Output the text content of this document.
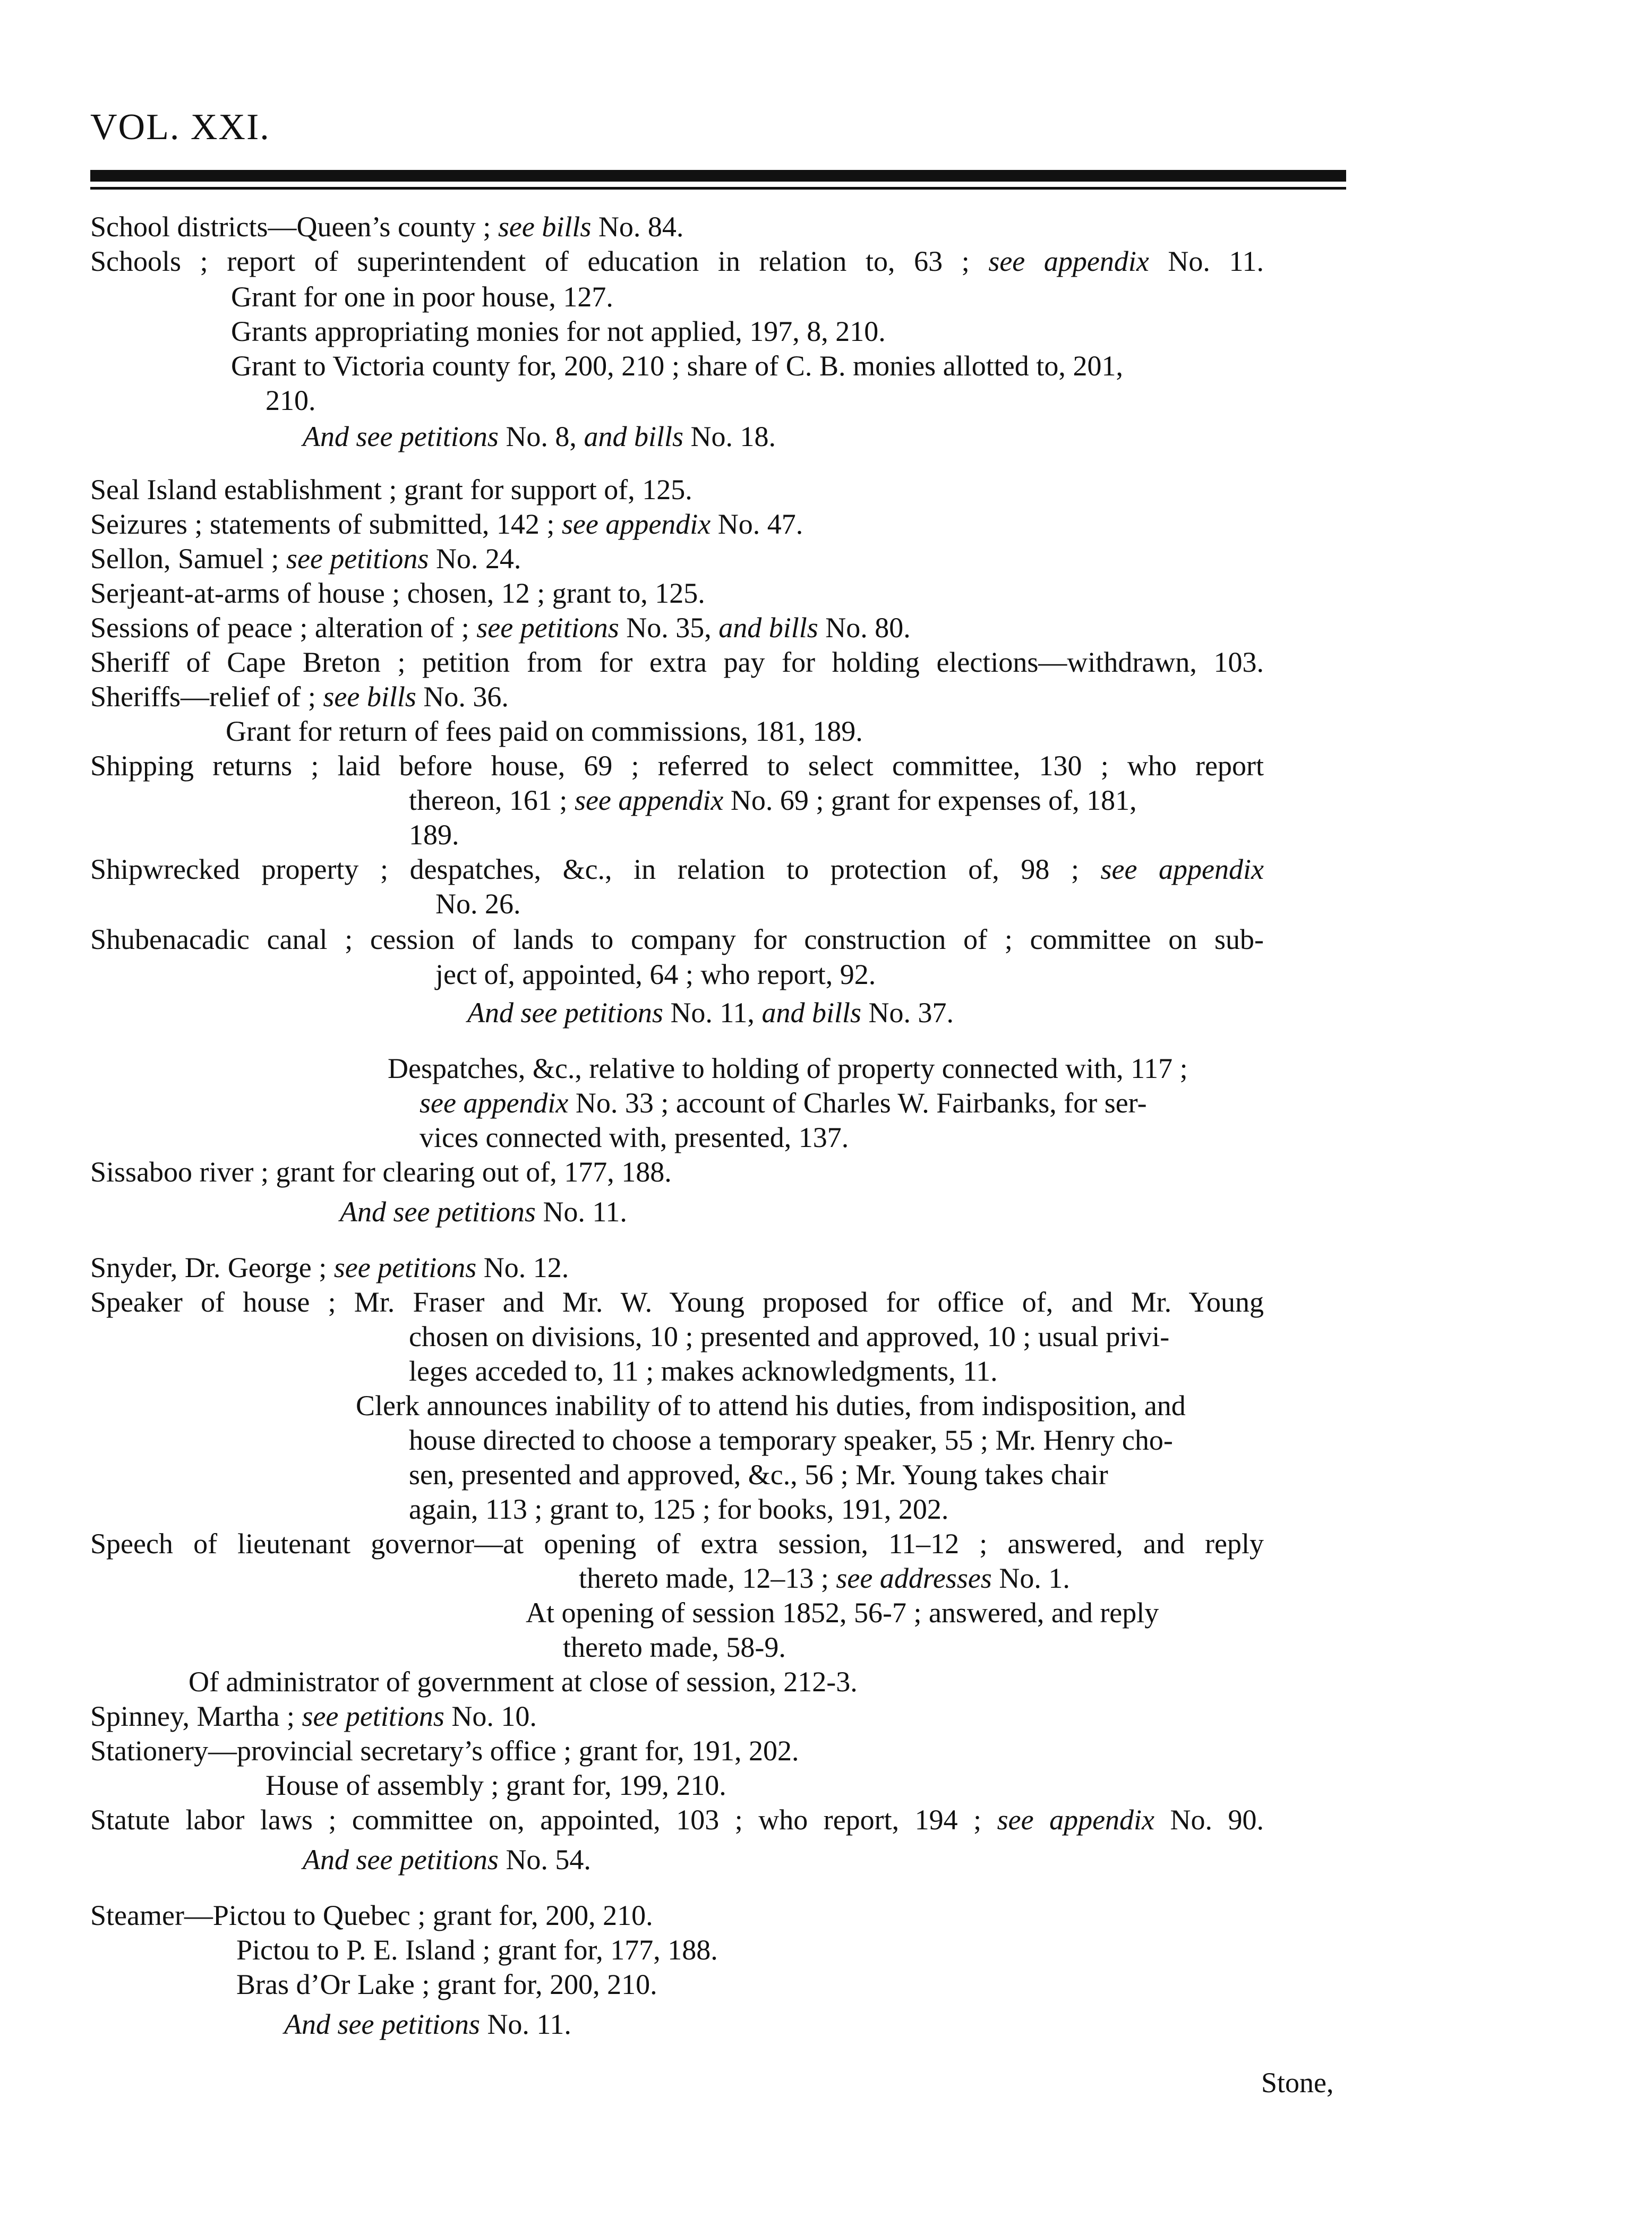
VOL. XXI.
School districts—Queen’s county ; see bills No. 84.
Schools ; report of superintendent of education in relation to, 63 ; see appendix No. 11.
Grant for one in poor house, 127.
Grants appropriating monies for not applied, 197, 8, 210.
Grant to Victoria county for, 200, 210 ; share of C. B. monies allotted to, 201,
210.
And see petitions No. 8, and bills No. 18.
Seal Island establishment ; grant for support of, 125.
Seizures ; statements of submitted, 142 ; see appendix No. 47.
Sellon, Samuel ; see petitions No. 24.
Serjeant-at-arms of house ; chosen, 12 ; grant to, 125.
Sessions of peace ; alteration of ; see petitions No. 35, and bills No. 80.
Sheriff of Cape Breton ; petition from for extra pay for holding elections—withdrawn, 103.
Sheriffs—relief of ; see bills No. 36.
Grant for return of fees paid on commissions, 181, 189.
Shipping returns ; laid before house, 69 ; referred to select committee, 130 ; who report
thereon, 161 ; see appendix No. 69 ; grant for expenses of, 181,
189.
Shipwrecked property ; despatches, &c., in relation to protection of, 98 ; see appendix
No. 26.
Shubenacadic canal ; cession of lands to company for construction of ; committee on sub-
ject of, appointed, 64 ; who report, 92.
And see petitions No. 11, and bills No. 37.
Despatches, &c., relative to holding of property connected with, 117 ;
see appendix No. 33 ; account of Charles W. Fairbanks, for ser-
vices connected with, presented, 137.
Sissaboo river ; grant for clearing out of, 177, 188.
And see petitions No. 11.
Snyder, Dr. George ; see petitions No. 12.
Speaker of house ; Mr. Fraser and Mr. W. Young proposed for office of, and Mr. Young
chosen on divisions, 10 ; presented and approved, 10 ; usual privi-
leges acceded to, 11 ; makes acknowledgments, 11.
Clerk announces inability of to attend his duties, from indisposition, and
house directed to choose a temporary speaker, 55 ; Mr. Henry cho-
sen, presented and approved, &c., 56 ; Mr. Young takes chair
again, 113 ; grant to, 125 ; for books, 191, 202.
Speech of lieutenant governor—at opening of extra session, 11–12 ; answered, and reply
thereto made, 12–13 ; see addresses No. 1.
At opening of session 1852, 56-7 ; answered, and reply
thereto made, 58-9.
Of administrator of government at close of session, 212-3.
Spinney, Martha ; see petitions No. 10.
Stationery—provincial secretary’s office ; grant for, 191, 202.
House of assembly ; grant for, 199, 210.
Statute labor laws ; committee on, appointed, 103 ; who report, 194 ; see appendix No. 90.
And see petitions No. 54.
Steamer—Pictou to Quebec ; grant for, 200, 210.
Pictou to P. E. Island ; grant for, 177, 188.
Bras d’Or Lake ; grant for, 200, 210.
And see petitions No. 11.
Stone,
